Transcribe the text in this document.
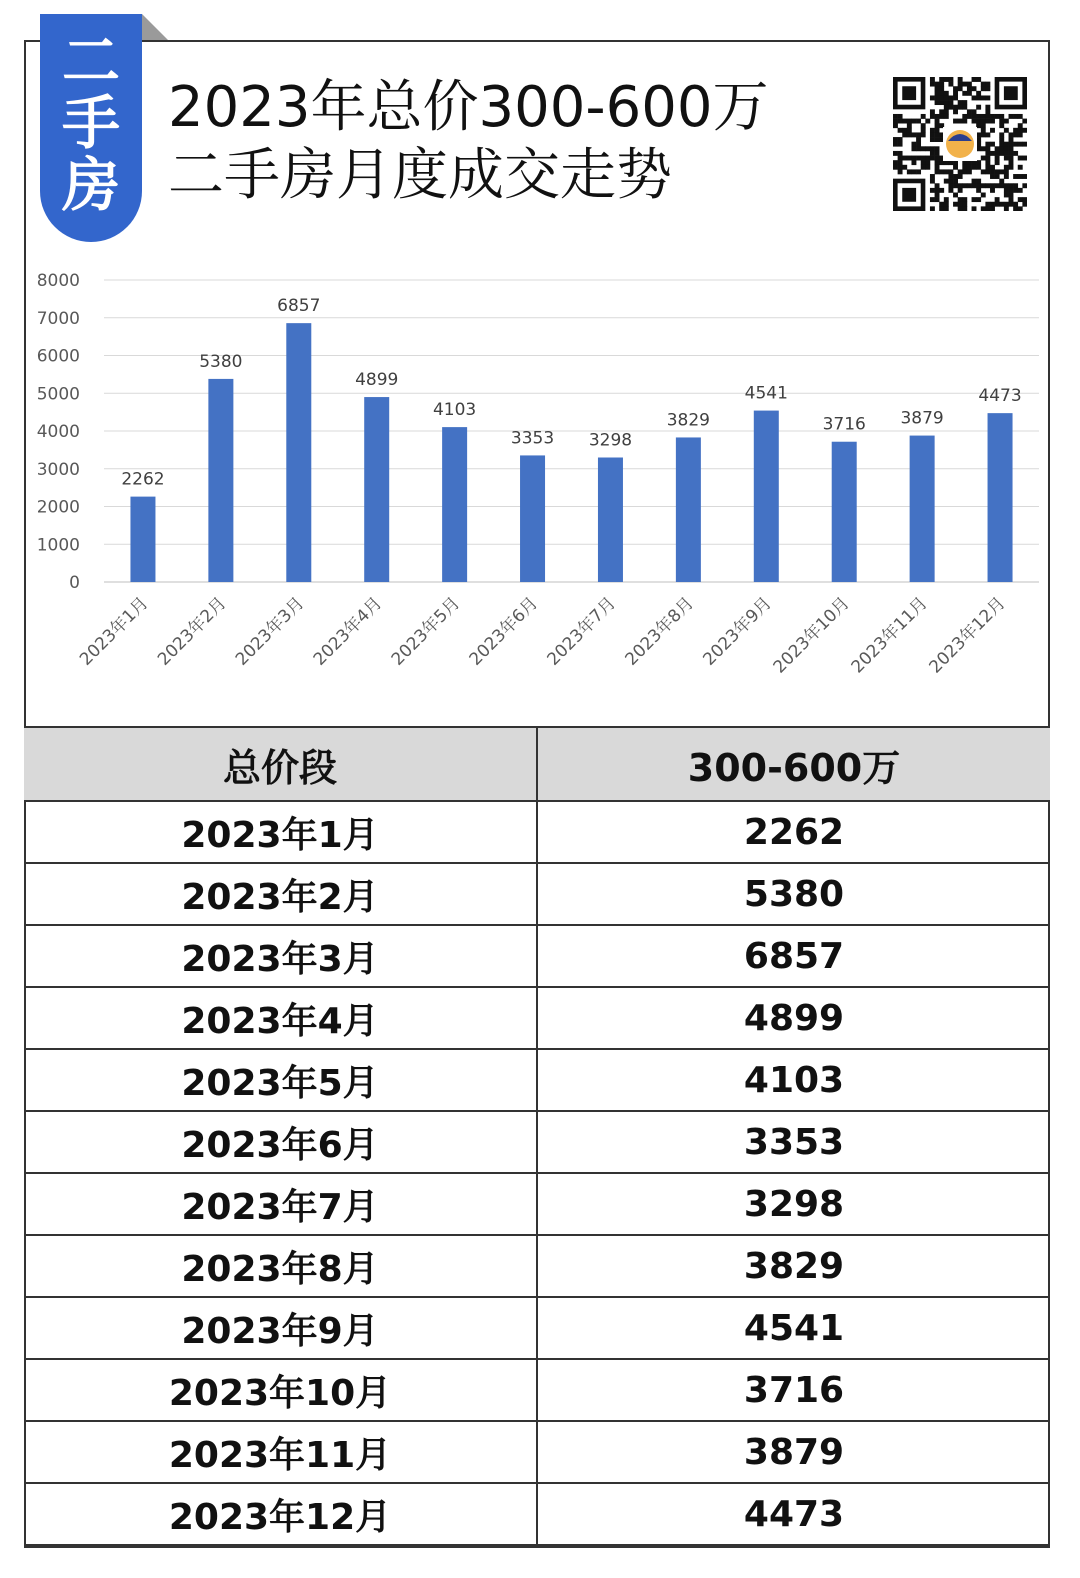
二
手
房
2023年总价300-600万
二手房月度成交走势
0
1000
2000
3000
4000
5000
6000
7000
8000
2262
2023年1月
5380
2023年2月
6857
2023年3月
4899
2023年4月
4103
2023年5月
3353
2023年6月
3298
2023年7月
3829
2023年8月
4541
2023年9月
3716
2023年10月
3879
2023年11月
4473
2023年12月
总价段	300-600万
2023年1月	2262
2023年2月	5380
2023年3月	6857
2023年4月	4899
2023年5月	4103
2023年6月	3353
2023年7月	3298
2023年8月	3829
2023年9月	4541
2023年10月	3716
2023年11月	3879
2023年12月	4473
